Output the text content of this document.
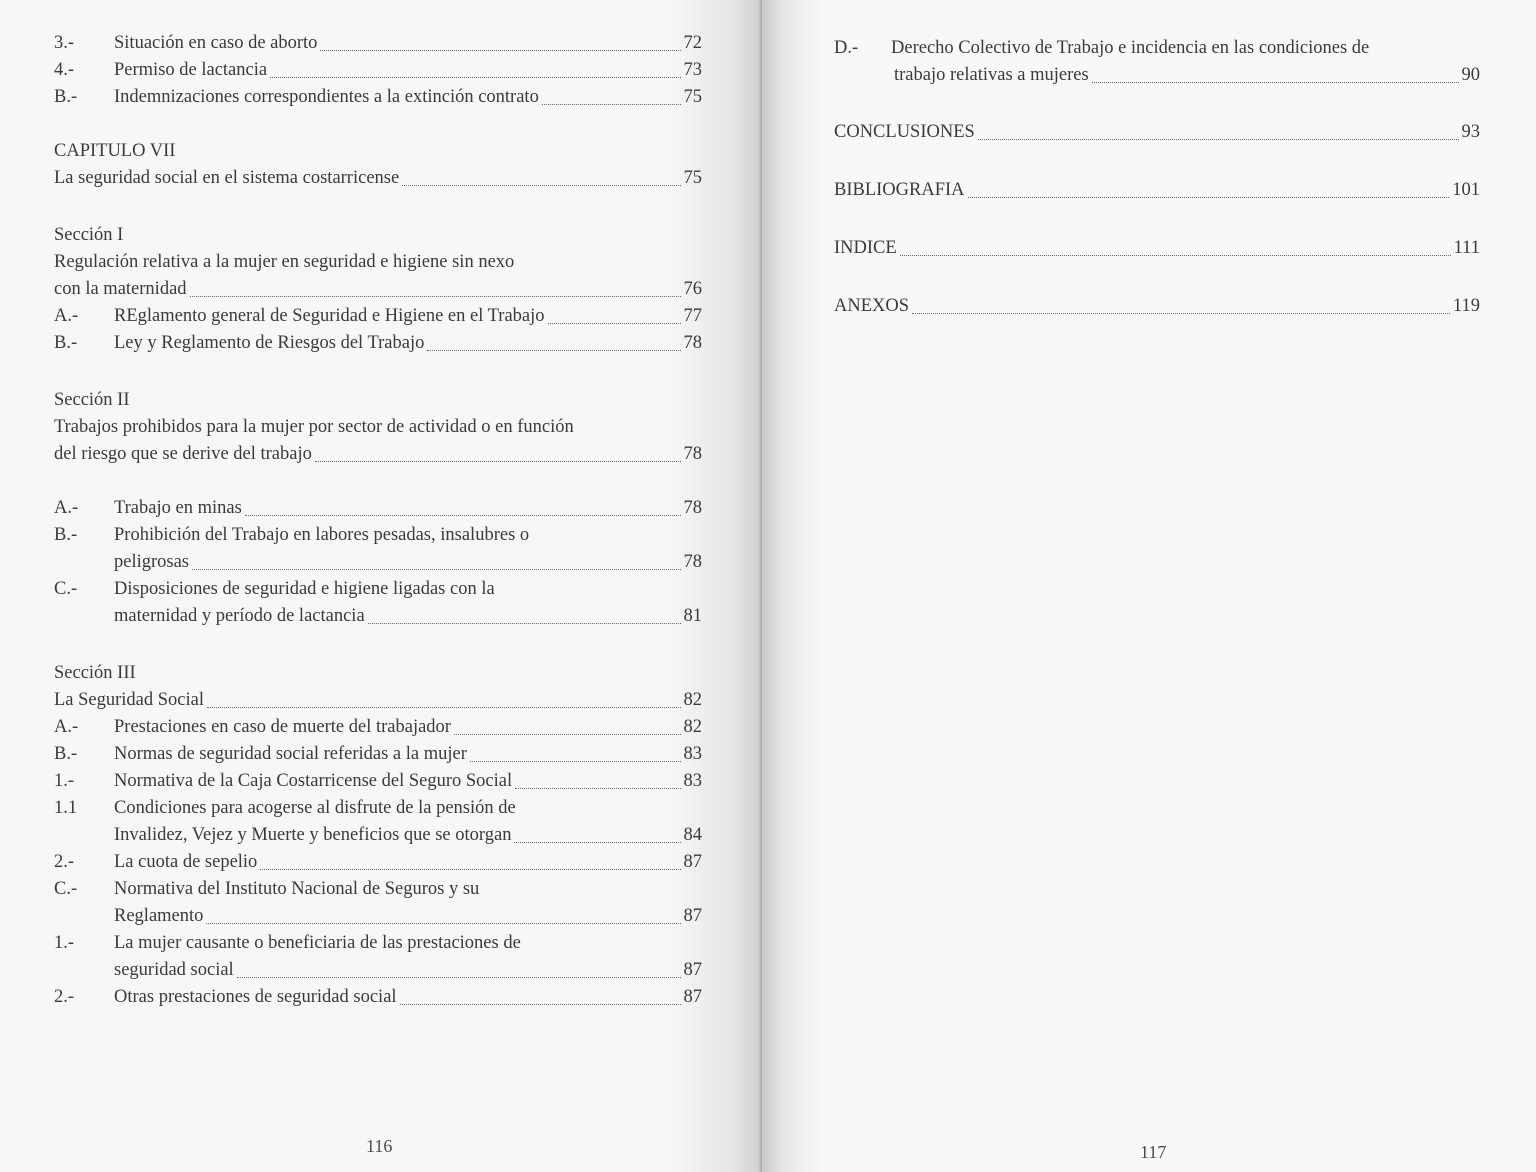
3.-	Situación en caso de aborto	72
4.-	Permiso de lactancia	73
B.-	Indemnizaciones correspondientes a la extinción contrato	75
CAPITULO VII
La seguridad social en el sistema costarricense	75
Sección I
Regulación relativa a la mujer en seguridad e higiene sin nexo
con la maternidad	76
A.-	REglamento general de Seguridad e Higiene en el Trabajo	77
B.-	Ley y Reglamento de Riesgos del Trabajo	78
Sección II
Trabajos prohibidos para la mujer por sector de actividad o en función
del riesgo que se derive del trabajo	78
A.-	Trabajo en minas	78
B.-	Prohibición del Trabajo en labores pesadas, insalubres o
peligrosas	78
C.-	Disposiciones de seguridad e higiene ligadas con la
maternidad y período de lactancia	81
Sección III
La Seguridad Social	82
A.-	Prestaciones en caso de muerte del trabajador	82
B.-	Normas de seguridad social referidas a la mujer	83
1.-	Normativa de la Caja Costarricense del Seguro Social	83
1.1	Condiciones para acogerse al disfrute de la pensión de
Invalidez, Vejez y Muerte y beneficios que se otorgan	84
2.-	La cuota de sepelio	87
C.-	Normativa del Instituto Nacional de Seguros y su
Reglamento	87
1.-	La mujer causante o beneficiaria de las prestaciones de
seguridad social	87
2.-	Otras prestaciones de seguridad social	87
116
D.-	Derecho Colectivo de Trabajo e incidencia en las condiciones de
trabajo relativas a mujeres	90
CONCLUSIONES	93
BIBLIOGRAFIA	101
INDICE	111
ANEXOS	119
117
